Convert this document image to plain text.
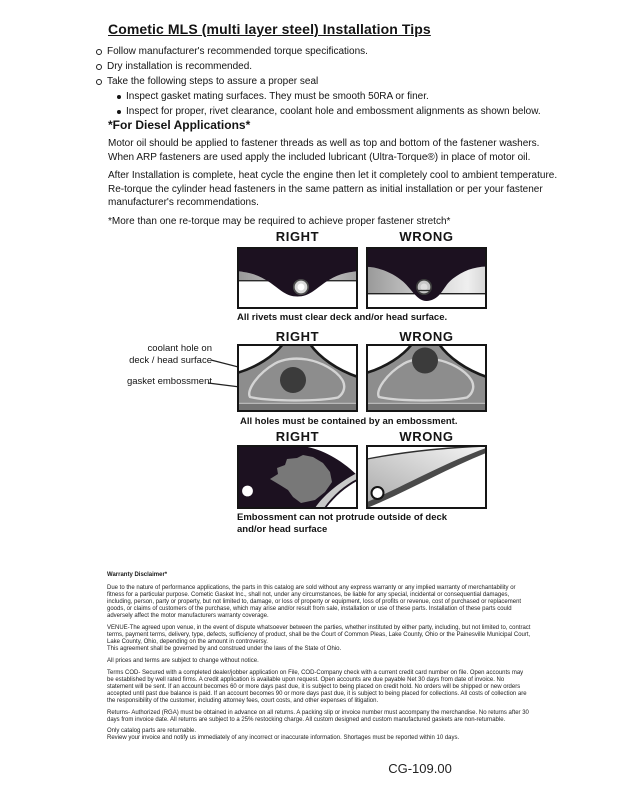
Cometic MLS (multi layer steel) Installation Tips
Follow manufacturer's recommended torque specifications.
Dry installation is recommended.
Take the following steps to assure a proper seal
Inspect gasket mating surfaces. They must be smooth 50RA or finer.
Inspect for proper, rivet clearance, coolant hole and embossment alignments as shown below.
*For Diesel Applications*
Motor oil should be applied to fastener threads as well as top and bottom of the fastener washers. When ARP fasteners are used apply the included lubricant (Ultra-Torque®) in place of motor oil.
After Installation is complete, heat cycle the engine then let it completely cool to ambient temperature. Re-torque the cylinder head fasteners in the same pattern as initial installation or per your fastener manufacturer's recommendations.
*More than one re-torque may be required to achieve proper fastener stretch*
RIGHT	WRONG
All rivets must clear deck and/or head surface.
RIGHT	WRONG
coolant hole on
deck / head surface
gasket embossment
All holes must be contained by an embossment.
RIGHT	WRONG
Embossment can not protrude outside of deck
and/or head surface
Warranty Disclaimer*

Due to the nature of performance applications, the parts in this catalog are sold without any express warranty or any implied warranty of merchantability or fitness for a particular purpose. Cometic Gasket Inc., shall not, under any circumstances, be liable for any special, incidental or consequential damages, including, person, party or property, but not limited to, damage, or loss of property or equipment, loss of profits or revenue, cost of purchased or replacement goods, or claims of customers of the purchase, which may arise and/or result from sale, installation or use of these parts. Installation of these parts could adversely affect the motor manufacturers warranty coverage.

VENUE-The agreed upon venue, in the event of dispute whatsoever between the parties, whether instituted by either party, including, but not limited to, contract terms, payment terms, delivery, type, defects, sufficiency of product, shall be the Court of Common Pleas, Lake County, Ohio or the Painesville Municipal Court, Lake County, Ohio, depending on the amount in controversy.
This agreement shall be governed by and construed under the laws of the State of Ohio.

All prices and terms are subject to change without notice.

Terms COD- Secured with a completed dealer/jobber application on File, COD-Company check with a current credit card number on file. Open accounts may be established by well rated firms. A credit application is available upon request. Open accounts are due payable Net 30 days from date of invoice. No statement will be sent. If an account becomes 60 or more days past due, it is subject to being placed on credit hold. No orders will be shipped or new orders accepted until past due balance is paid. If an account becomes 90 or more days past due, it is subject to being placed for collections. All costs of collection are the responsibility of the customer, including attorney fees, court costs, and other expenses of litigation.

Returns- Authorized (RGA) must be obtained in advance on all returns. A packing slip or invoice number must accompany the merchandise. No returns after 30 days from invoice date. All returns are subject to a 25% restocking charge. All custom designed and custom manufactured gaskets are non-returnable.

Only catalog parts are returnable.
Review your invoice and notify us immediately of any incorrect or inaccurate information. Shortages must be reported within 10 days.

CG-109.00
